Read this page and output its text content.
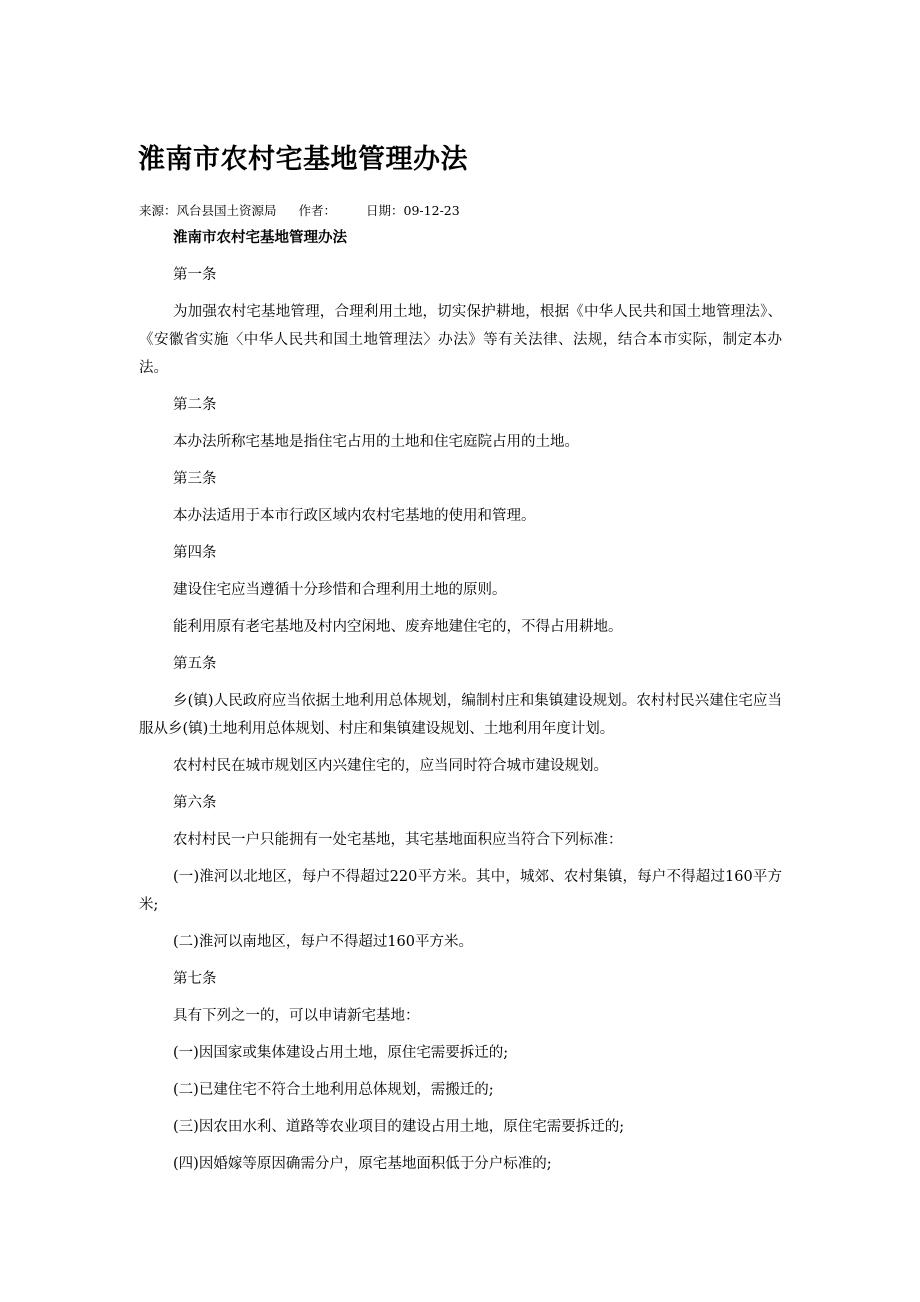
淮南市农村宅基地管理办法
来源：风台县国土资源局 作者： 日期：09-12-23

淮南市农村宅基地管理办法

第一条

为加强农村宅基地管理，合理利用土地，切实保护耕地，根据《中华人民共和国土地管理法》、《安徽省实施〈中华人民共和国土地管理法〉办法》等有关法律、法规，结合本市实际，制定本办法。

第二条

本办法所称宅基地是指住宅占用的土地和住宅庭院占用的土地。

第三条

本办法适用于本市行政区域内农村宅基地的使用和管理。

第四条

建设住宅应当遵循十分珍惜和合理利用土地的原则。

能利用原有老宅基地及村内空闲地、废弃地建住宅的，不得占用耕地。

第五条

乡(镇)人民政府应当依据土地利用总体规划，编制村庄和集镇建设规划。农村村民兴建住宅应当服从乡(镇)土地利用总体规划、村庄和集镇建设规划、土地利用年度计划。

农村村民在城市规划区内兴建住宅的，应当同时符合城市建设规划。

第六条

农村村民一户只能拥有一处宅基地，其宅基地面积应当符合下列标准：

(一)淮河以北地区，每户不得超过220平方米。其中，城郊、农村集镇，每户不得超过160平方米;

(二)淮河以南地区，每户不得超过160平方米。

第七条

具有下列之一的，可以申请新宅基地：

(一)因国家或集体建设占用土地，原住宅需要拆迁的;

(二)已建住宅不符合土地利用总体规划，需搬迁的;

(三)因农田水利、道路等农业项目的建设占用土地，原住宅需要拆迁的;

(四)因婚嫁等原因确需分户，原宅基地面积低于分户标准的;
